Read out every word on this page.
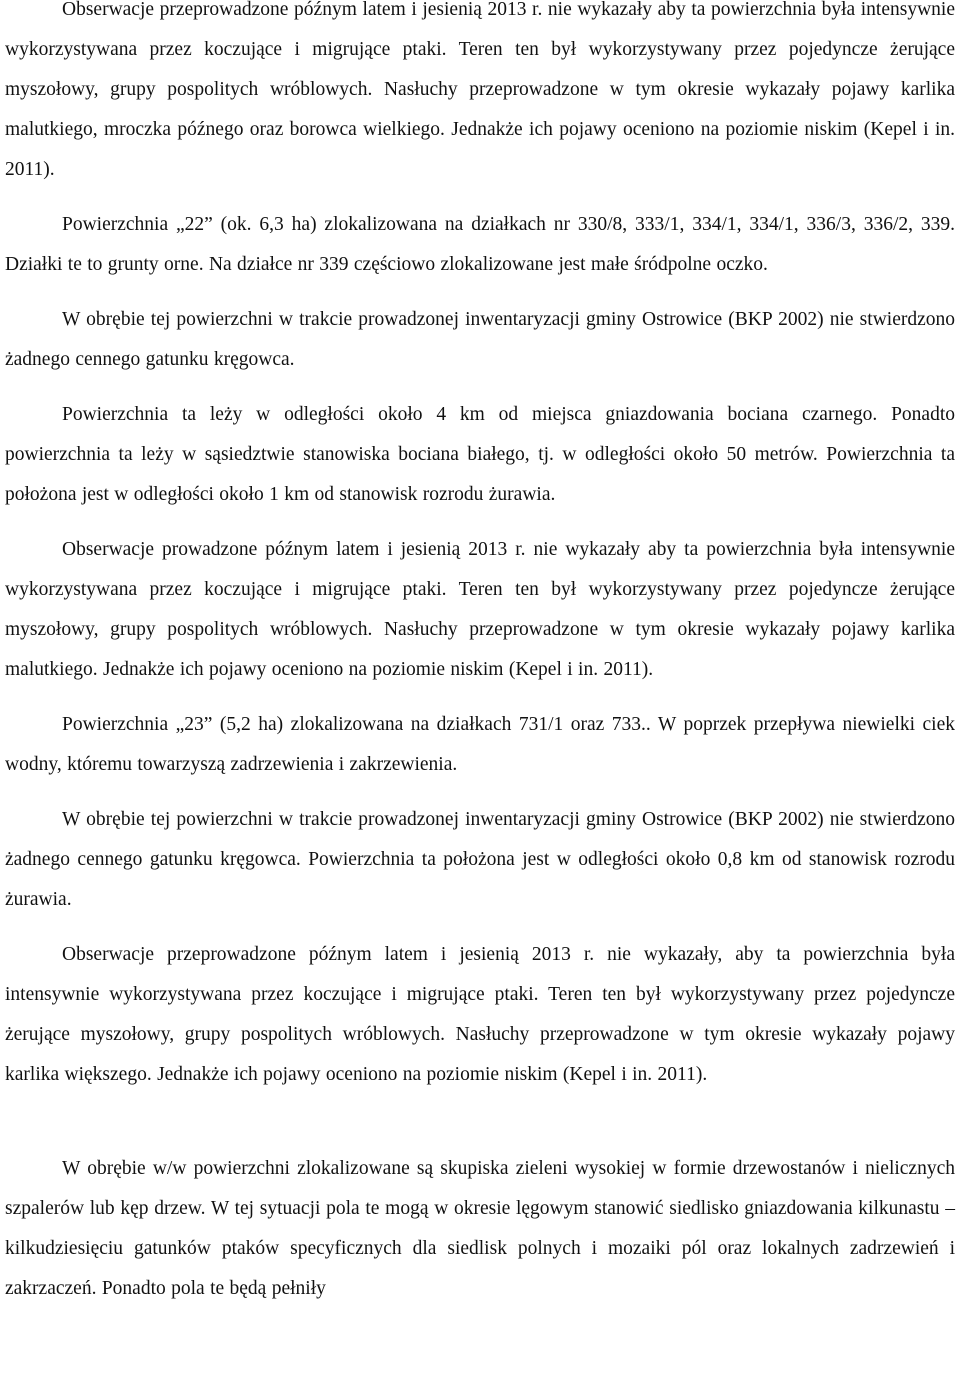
Obserwacje przeprowadzone późnym latem i jesienią 2013 r. nie wykazały aby ta powierzchnia była intensywnie wykorzystywana przez koczujące i migrujące ptaki. Teren ten był wykorzystywany przez pojedyncze żerujące myszołowy, grupy pospolitych wróblowych. Nasłuchy przeprowadzone w tym okresie wykazały pojawy karlika malutkiego, mroczka późnego oraz borowca wielkiego. Jednakże ich pojawy oceniono na poziomie niskim (Kepel i in. 2011).

Powierzchnia „22” (ok. 6,3 ha) zlokalizowana na działkach nr 330/8, 333/1, 334/1, 334/1, 336/3, 336/2, 339. Działki te to grunty orne. Na działce nr 339 częściowo zlokalizowane jest małe śródpolne oczko.

W obrębie tej powierzchni w trakcie prowadzonej inwentaryzacji gminy Ostrowice (BKP 2002) nie stwierdzono żadnego cennego gatunku kręgowca.

Powierzchnia ta leży w odległości około 4 km od miejsca gniazdowania bociana czarnego. Ponadto powierzchnia ta leży w sąsiedztwie stanowiska bociana białego, tj. w odległości około 50 metrów. Powierzchnia ta położona jest w odległości około 1 km od stanowisk rozrodu żurawia.

Obserwacje prowadzone późnym latem i jesienią 2013 r. nie wykazały aby ta powierzchnia była intensywnie wykorzystywana przez koczujące i migrujące ptaki. Teren ten był wykorzystywany przez pojedyncze żerujące myszołowy, grupy pospolitych wróblowych. Nasłuchy przeprowadzone w tym okresie wykazały pojawy karlika malutkiego. Jednakże ich pojawy oceniono na poziomie niskim (Kepel i in. 2011).

Powierzchnia „23” (5,2 ha) zlokalizowana na działkach 731/1 oraz 733.. W poprzek przepływa niewielki ciek wodny, któremu towarzyszą zadrzewienia i zakrzewienia.

W obrębie tej powierzchni w trakcie prowadzonej inwentaryzacji gminy Ostrowice (BKP 2002) nie stwierdzono żadnego cennego gatunku kręgowca. Powierzchnia ta położona jest w odległości około 0,8 km od stanowisk rozrodu żurawia.

Obserwacje przeprowadzone późnym latem i jesienią 2013 r. nie wykazały, aby ta powierzchnia była intensywnie wykorzystywana przez koczujące i migrujące ptaki. Teren ten był wykorzystywany przez pojedyncze żerujące myszołowy, grupy pospolitych wróblowych. Nasłuchy przeprowadzone w tym okresie wykazały pojawy karlika większego. Jednakże ich pojawy oceniono na poziomie niskim (Kepel i in. 2011).

W obrębie w/w powierzchni zlokalizowane są skupiska zieleni wysokiej w formie drzewostanów i nielicznych szpalerów lub kęp drzew. W tej sytuacji pola te mogą w okresie lęgowym stanowić siedlisko gniazdowania kilkunastu – kilkudziesięciu gatunków ptaków specyficznych dla siedlisk polnych i mozaiki pól oraz lokalnych zadrzewień i zakrzaczeń. Ponadto pola te będą pełniły
